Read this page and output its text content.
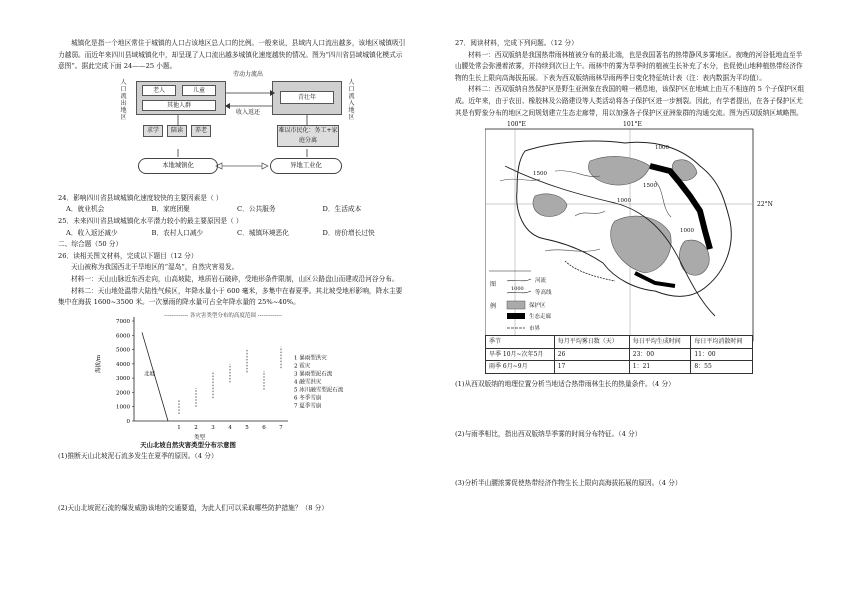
城镇化是指一个地区常住于城镇的人口占该地区总人口的比例。一般来说，县域内人口流出越多，该地区城镇吸引力越弱。而近年来四川县域城镇化中，却呈现了人口流出越多城镇化速度越快的情况。图为“四川省县域城镇化模式示意图”。据此完成下面 24——25 小题。

人口流出地区
人口流入地区
老人	儿童
其他人群
劳动力流出
青壮年
收入返还
求学	陪读	养老	难以市民化：务工+家庭分离
本地城镇化	异地工业化

24．影响四川省县域城镇化速度较快的主要因素是（ ）

A．就业机会	B．家庭团聚	C．公共服务	D．生活成本

25．未来四川省县域城镇化水平潜力较小的最主要原因是（ ）

A．收入返还减少	B．农村人口减少	C．城镇环境恶化	D．房价增长过快

二、综合题（50 分）

26．读相关图文材料，完成以下题目（12 分）

天山被称为我国西北干旱地区的“湿岛”，自然灾害易发。

材料一：天山山脉近东西走向，山高坡陡，地质岩石破碎，受地形条件限制，山区公路盘山而建或沿河谷分布。

材料二：天山地处温带大陆性气候区，年降水量小于 600 毫米，多集中在春夏季。其北坡受地形影响，降水主要集中在海拔 1600~3500 米。一次暴雨的降水量可占全年降水量的 25%~40%。

------------- 各灾害类型分布的高度范围 -------------
7000
6000
5000
4000
3000
2000
1000
0
海拔/m
北坡
1 2 3 4 5 6 7
类型
1 暴雨型洪灾
2 雹灾
3 暴雨型泥石流
4 融雪洪灾
5 冰川融雪型泥石流
6 冬季雪崩
7 夏季雪崩

天山北坡自然灾害类型分布示意图

(1)推断天山北坡泥石流多发生在夏季的原因。（4 分）

(2)天山北坡泥石流的爆发威胁该地的交通要道，为此人们可以采取哪些防护措施？（8 分）

27．阅读材料，完成下列问题。（12 分）

材料一：西双版纳是我国热带雨林植被分布的最北端，也是我国著名的热带静风多雾地区。夜晚的河谷低地直至半山腰处常会弥漫着浓雾，并持续到次日上午。雨林中的雾为旱季时的植被生长补充了水分，也促使山地种植热带经济作物的生长上限向高海拔拓展。下表为西双版纳雨林旱雨两季日变化特征统计表（注：表内数据为平均值）。

材料二：西双版纳自然保护区是野生亚洲象在我国的唯一栖息地，该保护区在地域上由互不相连的 5 个子保护区组成。近年来，由于农田、橡胶林及公路建设等人类活动将各子保护区进一步割裂。因此，有学者提出，在各子保护区尤其是有野象分布的地区之间规划建立生态走廊带，用以加强各子保护区亚洲象群的沟通交流。图为西双版纳区域略图。

100°E	101°E
22°N
1500
1500
1000
1000
1000
图
例
河流
1000
等高线
保护区
生态走廊
市界
季节	每月平均雾日数（天）	每日平均生成时间	每日平均消散时间
旱季 10月~次年5月	26	23：00	11：00
雨季 6月~9月	17	1：21	8：55

(1)从西双版纳的地理位置分析当地适合热带雨林生长的热量条件。（4 分）

(2)与雨季相比，指出西双版纳旱季雾的时间分布特征。（4 分）

(3)分析半山腰浓雾促使热带经济作物生长上限向高海拔拓展的原因。（4 分）
